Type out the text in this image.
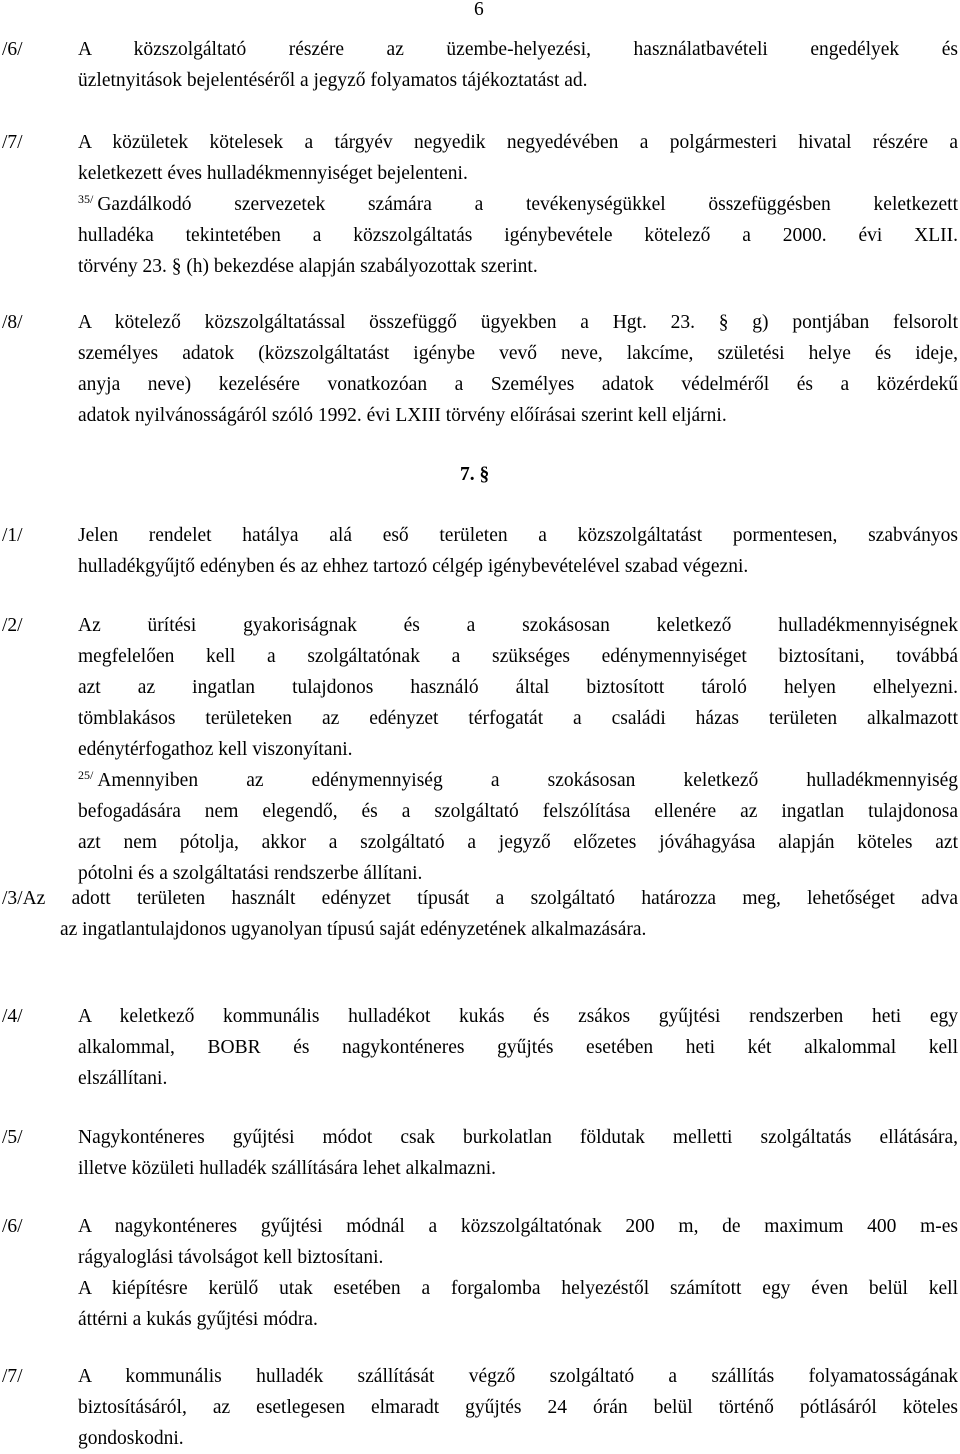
6
/6/	A közszolgáltató részére az üzembe-helyezési, használatbavételi engedélyek és

üzletnyitások bejelentéséről a jegyző folyamatos tájékoztatást ad.

/7/	A közületek kötelesek a tárgyév negyedik negyedévében a polgármesteri hivatal részére a

keletkezett éves hulladékmennyiséget bejelenteni.

$^{35/}$ Gazdálkodó szervezetek számára a tevékenységükkel összefüggésben keletkezett

hulladéka tekintetében a közszolgáltatás igénybevétele kötelező a 2000. évi XLII.

törvény 23. § (h) bekezdése alapján szabályozottak szerint.

/8/	A kötelező közszolgáltatással összefüggő ügyekben a Hgt. 23. § g) pontjában felsorolt

személyes adatok (közszolgáltatást igénybe vevő neve, lakcíme, születési helye és ideje,

anyja neve) kezelésére vonatkozóan a Személyes adatok védelméről és a közérdekű

adatok nyilvánosságáról szóló 1992. évi LXIII törvény előírásai szerint kell eljárni.

7. §
/1/	Jelen rendelet hatálya alá eső területen a közszolgáltatást pormentesen, szabványos

hulladékgyűjtő edényben és az ehhez tartozó célgép igénybevételével szabad végezni.

/2/	Az ürítési gyakoriságnak és a szokásosan keletkező hulladékmennyiségnek

megfelelően kell a szolgáltatónak a szükséges edénymennyiséget biztosítani, továbbá

azt az ingatlan tulajdonos használó által biztosított tároló helyen elhelyezni.

tömblakásos területeken az edényzet térfogatát a családi házas területen alkalmazott

edénytérfogathoz kell viszonyítani.

$^{25/}$ Amennyiben az edénymennyiség a szokásosan keletkező hulladékmennyiség

befogadására nem elegendő, és a szolgáltató felszólítása ellenére az ingatlan tulajdonosa

azt nem pótolja, akkor a szolgáltató a jegyző előzetes jóváhagyása alapján köteles azt

pótolni és a szolgáltatási rendszerbe állítani.

/3/Az adott területen használt edényzet típusát a szolgáltató határozza meg, lehetőséget adva
az ingatlantulajdonos ugyanolyan típusú saját edényzetének alkalmazására.
/4/	A keletkező kommunális hulladékot kukás és zsákos gyűjtési rendszerben heti egy

alkalommal, BOBR és nagykonténeres gyűjtés esetében heti két alkalommal kell

elszállítani.

/5/	Nagykonténeres gyűjtési módot csak burkolatlan földutak melletti szolgáltatás ellátására,

illetve közületi hulladék szállítására lehet alkalmazni.

/6/	A nagykonténeres gyűjtési módnál a közszolgáltatónak 200 m, de maximum 400 m-es

rágyaloglási távolságot kell biztosítani.

A kiépítésre kerülő utak esetében a forgalomba helyezéstől számított egy éven belül kell

áttérni a kukás gyűjtési módra.

/7/	A kommunális hulladék szállítását végző szolgáltató a szállítás folyamatosságának

biztosításáról, az esetlegesen elmaradt gyűjtés 24 órán belül történő pótlásáról köteles

gondoskodni.
